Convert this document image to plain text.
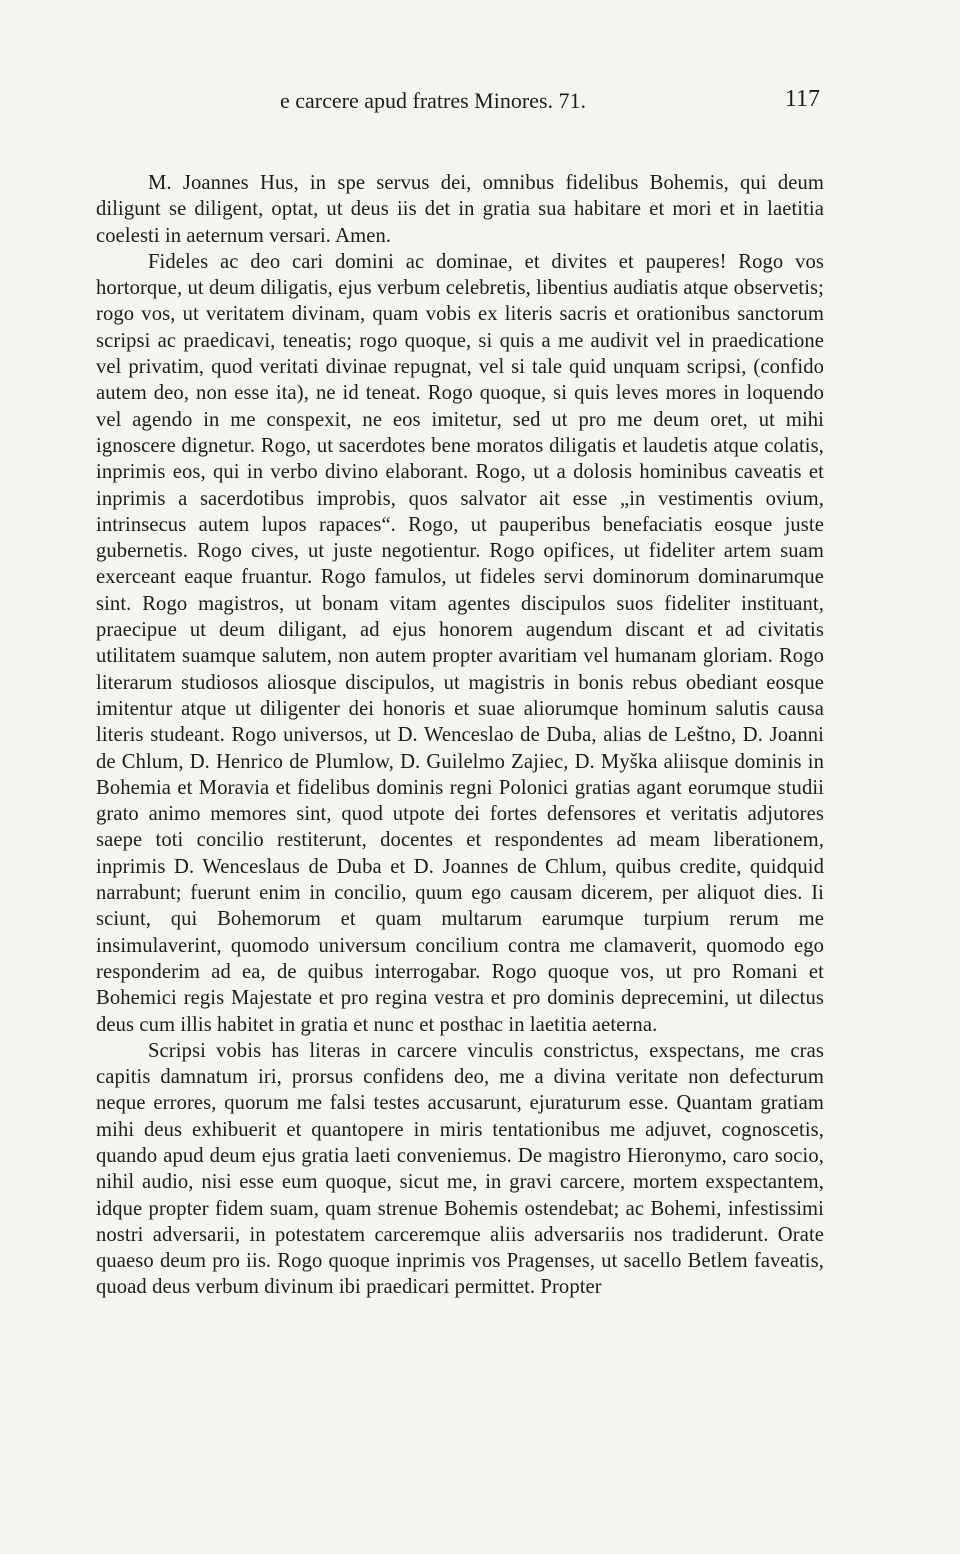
e carcere apud fratres Minores. 71.	117

M. Joannes Hus, in spe servus dei, omnibus fidelibus Bohemis, qui deum diligunt se diligent, optat, ut deus iis det in gratia sua habitare et mori et in laetitia coelesti in aeternum versari. Amen.

Fideles ac deo cari domini ac dominae, et divites et pauperes! Rogo vos hortorque, ut deum diligatis, ejus verbum celebretis, libentius audiatis atque observetis; rogo vos, ut veritatem divinam, quam vobis ex literis sacris et orationibus sanctorum scripsi ac praedicavi, teneatis; rogo quoque, si quis a me audivit vel in praedicatione vel privatim, quod veritati divinae repugnat, vel si tale quid unquam scripsi, (confido autem deo, non esse ita), ne id teneat. Rogo quoque, si quis leves mores in loquendo vel agendo in me conspexit, ne eos imitetur, sed ut pro me deum oret, ut mihi ignoscere dignetur. Rogo, ut sacerdotes bene moratos diligatis et laudetis atque colatis, inprimis eos, qui in verbo divino elaborant. Rogo, ut a dolosis hominibus caveatis et inprimis a sacerdotibus improbis, quos salvator ait esse „in vestimentis ovium, intrinsecus autem lupos rapaces“. Rogo, ut pauperibus benefaciatis eosque juste gubernetis. Rogo cives, ut juste negotientur. Rogo opifices, ut fideliter artem suam exerceant eaque fruantur. Rogo famulos, ut fideles servi dominorum dominarumque sint. Rogo magistros, ut bonam vitam agentes discipulos suos fideliter instituant, praecipue ut deum diligant, ad ejus honorem augendum discant et ad civitatis utilitatem suamque salutem, non autem propter avaritiam vel humanam gloriam. Rogo literarum studiosos aliosque discipulos, ut magistris in bonis rebus obediant eosque imitentur atque ut diligenter dei honoris et suae aliorumque hominum salutis causa literis studeant. Rogo universos, ut D. Wenceslao de Duba, alias de Leštno, D. Joanni de Chlum, D. Henrico de Plumlow, D. Guilelmo Zajiec, D. Myška aliisque dominis in Bohemia et Moravia et fidelibus dominis regni Polonici gratias agant eorumque studii grato animo memores sint, quod utpote dei fortes defensores et veritatis adjutores saepe toti concilio restiterunt, docentes et respondentes ad meam liberationem, inprimis D. Wenceslaus de Duba et D. Joannes de Chlum, quibus credite, quidquid narrabunt; fuerunt enim in concilio, quum ego causam dicerem, per aliquot dies. Ii sciunt, qui Bohemorum et quam multarum earumque turpium rerum me insimulaverint, quomodo universum concilium contra me clamaverit, quomodo ego responderim ad ea, de quibus interrogabar. Rogo quoque vos, ut pro Romani et Bohemici regis Majestate et pro regina vestra et pro dominis deprecemini, ut dilectus deus cum illis habitet in gratia et nunc et posthac in laetitia aeterna.

Scripsi vobis has literas in carcere vinculis constrictus, exspectans, me cras capitis damnatum iri, prorsus confidens deo, me a divina veritate non defecturum neque errores, quorum me falsi testes accusarunt, ejuraturum esse. Quantam gratiam mihi deus exhibuerit et quantopere in miris tentationibus me adjuvet, cognoscetis, quando apud deum ejus gratia laeti conveniemus. De magistro Hieronymo, caro socio, nihil audio, nisi esse eum quoque, sicut me, in gravi carcere, mortem exspectantem, idque propter fidem suam, quam strenue Bohemis ostendebat; ac Bohemi, infestissimi nostri adversarii, in potestatem carceremque aliis adversariis nos tradiderunt. Orate quaeso deum pro iis. Rogo quoque inprimis vos Pragenses, ut sacello Betlem faveatis, quoad deus verbum divinum ibi praedicari permittet. Propter
